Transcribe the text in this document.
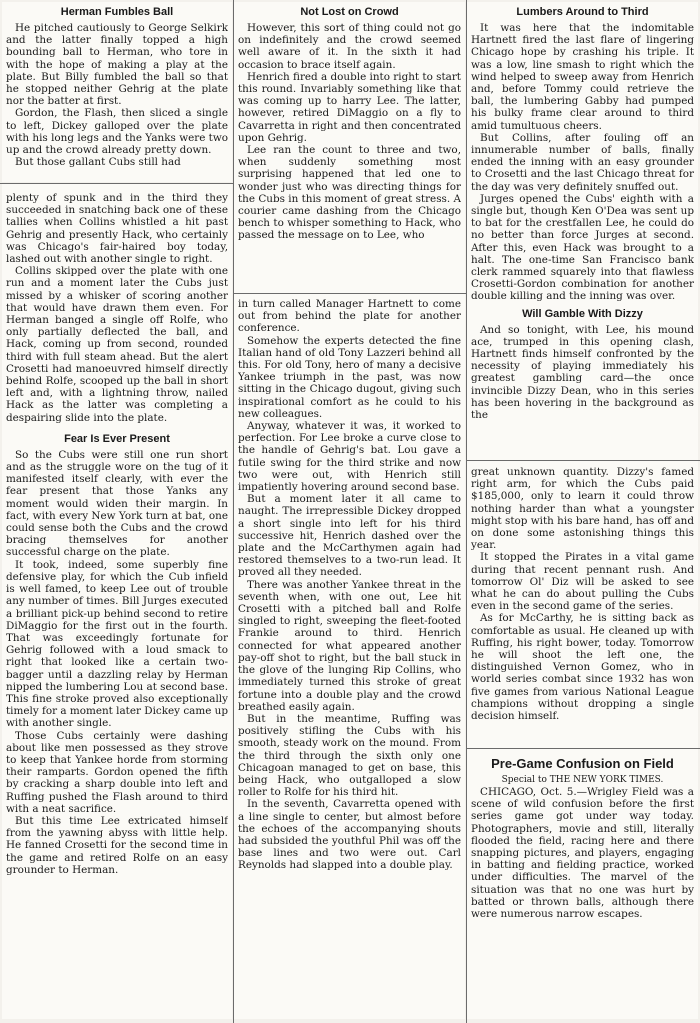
Herman Fumbles Ball

He pitched cautiously to George Selkirk and the latter finally topped a high bounding ball to Herman, who tore in with the hope of making a play at the plate. But Billy fumbled the ball so that he stopped neither Gehrig at the plate nor the batter at first.

Gordon, the Flash, then sliced a single to left, Dickey galloped over the plate with his long legs and the Yanks were two up and the crowd already pretty down.

But those gallant Cubs still had

plenty of spunk and in the third they succeeded in snatching back one of these tallies when Collins whistled a hit past Gehrig and presently Hack, who certainly was Chicago's fair-haired boy today, lashed out with another single to right.

Collins skipped over the plate with one run and a moment later the Cubs just missed by a whisker of scoring another that would have drawn them even. For Herman banged a single off Rolfe, who only partially deflected the ball, and Hack, coming up from second, rounded third with full steam ahead. But the alert Crosetti had manoeuvred himself directly behind Rolfe, scooped up the ball in short left and, with a lightning throw, nailed Hack as the latter was completing a despairing slide into the plate.

Fear Is Ever Present

So the Cubs were still one run short and as the struggle wore on the tug of it manifested itself clearly, with ever the fear present that those Yanks any moment would widen their margin. In fact, with every New York turn at bat, one could sense both the Cubs and the crowd bracing themselves for another successful charge on the plate.

It took, indeed, some superbly fine defensive play, for which the Cub infield is well famed, to keep Lee out of trouble any number of times. Bill Jurges executed a brilliant pick-up behind second to retire DiMaggio for the first out in the fourth. That was exceedingly fortunate for Gehrig followed with a loud smack to right that looked like a certain two-bagger until a dazzling relay by Herman nipped the lumbering Lou at second base. This fine stroke proved also exceptionally timely for a moment later Dickey came up with another single.

Those Cubs certainly were dashing about like men possessed as they strove to keep that Yankee horde from storming their ramparts. Gordon opened the fifth by cracking a sharp double into left and Ruffing pushed the Flash around to third with a neat sacrifice.

But this time Lee extricated himself from the yawning abyss with little help. He fanned Crosetti for the second time in the game and retired Rolfe on an easy grounder to Herman.

Not Lost on Crowd

However, this sort of thing could not go on indefinitely and the crowd seemed well aware of it. In the sixth it had occasion to brace itself again.

Henrich fired a double into right to start this round. Invariably something like that was coming up to harry Lee. The latter, however, retired DiMaggio on a fly to Cavarretta in right and then concentrated upon Gehrig.

Lee ran the count to three and two, when suddenly something most surprising happened that led one to wonder just who was directing things for the Cubs in this moment of great stress. A courier came dashing from the Chicago bench to whisper something to Hack, who passed the message on to Lee, who

in turn called Manager Hartnett to come out from behind the plate for another conference.

Somehow the experts detected the fine Italian hand of old Tony Lazzeri behind all this. For old Tony, hero of many a decisive Yankee triumph in the past, was now sitting in the Chicago dugout, giving such inspirational comfort as he could to his new colleagues.

Anyway, whatever it was, it worked to perfection. For Lee broke a curve close to the handle of Gehrig's bat. Lou gave a futile swing for the third strike and now two were out, with Henrich still impatiently hovering around second base.

But a moment later it all came to naught. The irrepressible Dickey dropped a short single into left for his third successive hit, Henrich dashed over the plate and the McCarthymen again had restored themselves to a two-run lead. It proved all they needed.

There was another Yankee threat in the seventh when, with one out, Lee hit Crosetti with a pitched ball and Rolfe singled to right, sweeping the fleet-footed Frankie around to third. Henrich connected for what appeared another pay-off shot to right, but the ball stuck in the glove of the lunging Rip Collins, who immediately turned this stroke of great fortune into a double play and the crowd breathed easily again.

But in the meantime, Ruffing was positively stifling the Cubs with his smooth, steady work on the mound. From the third through the sixth only one Chicagoan managed to get on base, this being Hack, who outgalloped a slow roller to Rolfe for his third hit.

In the seventh, Cavarretta opened with a line single to center, but almost before the echoes of the accompanying shouts had subsided the youthful Phil was off the base lines and two were out. Carl Reynolds had slapped into a double play.

Lumbers Around to Third

It was here that the indomitable Hartnett fired the last flare of lingering Chicago hope by crashing his triple. It was a low, line smash to right which the wind helped to sweep away from Henrich and, before Tommy could retrieve the ball, the lumbering Gabby had pumped his bulky frame clear around to third amid tumultuous cheers.

But Collins, after fouling off an innumerable number of balls, finally ended the inning with an easy grounder to Crosetti and the last Chicago threat for the day was very definitely snuffed out.

Jurges opened the Cubs' eighth with a single but, though Ken O'Dea was sent up to bat for the crestfallen Lee, he could do no better than force Jurges at second. After this, even Hack was brought to a halt. The one-time San Francisco bank clerk rammed squarely into that flawless Crosetti-Gordon combination for another double killing and the inning was over.

Will Gamble With Dizzy

And so tonight, with Lee, his mound ace, trumped in this opening clash, Hartnett finds himself confronted by the necessity of playing immediately his greatest gambling card—the once invincible Dizzy Dean, who in this series has been hovering in the background as the

great unknown quantity. Dizzy's famed right arm, for which the Cubs paid $185,000, only to learn it could throw nothing harder than what a youngster might stop with his bare hand, has off and on done some astonishing things this year.

It stopped the Pirates in a vital game during that recent pennant rush. And tomorrow Ol' Diz will be asked to see what he can do about pulling the Cubs even in the second game of the series.

As for McCarthy, he is sitting back as comfortable as usual. He cleaned up with Ruffing, his right bower, today. Tomorrow he will shoot the left one, the distinguished Vernon Gomez, who in world series combat since 1932 has won five games from various National League champions without dropping a single decision himself.

Pre-Game Confusion on Field
Special to THE NEW YORK TIMES.

CHICAGO, Oct. 5.—Wrigley Field was a scene of wild confusion before the first series game got under way today. Photographers, movie and still, literally flooded the field, racing here and there snapping pictures, and players, engaging in batting and fielding practice, worked under difficulties. The marvel of the situation was that no one was hurt by batted or thrown balls, although there were numerous narrow escapes.
